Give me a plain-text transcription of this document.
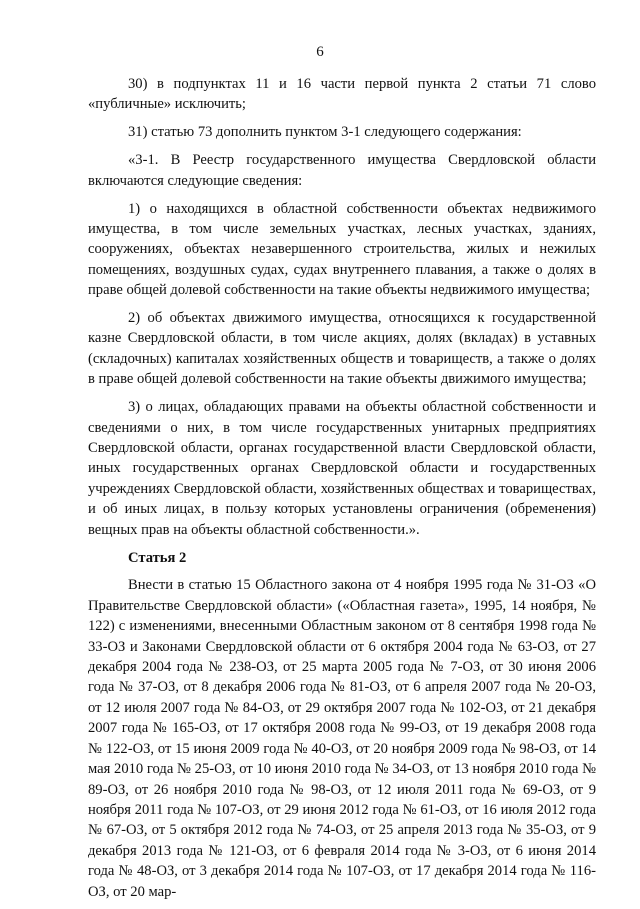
6

30) в подпунктах 11 и 16 части первой пункта 2 статьи 71 слово «публичные» исключить;

31) статью 73 дополнить пунктом 3-1 следующего содержания:

«3-1. В Реестр государственного имущества Свердловской области включаются следующие сведения:

1) о находящихся в областной собственности объектах недвижимого имущества, в том числе земельных участках, лесных участках, зданиях, сооружениях, объектах незавершенного строительства, жилых и нежилых помещениях, воздушных судах, судах внутреннего плавания, а также о долях в праве общей долевой собственности на такие объекты недвижимого имущества;

2) об объектах движимого имущества, относящихся к государственной казне Свердловской области, в том числе акциях, долях (вкладах) в уставных (складочных) капиталах хозяйственных обществ и товариществ, а также о долях в праве общей долевой собственности на такие объекты движимого имущества;

3) о лицах, обладающих правами на объекты областной собственности и сведениями о них, в том числе государственных унитарных предприятиях Свердловской области, органах государственной власти Свердловской области, иных государственных органах Свердловской области и государственных учреждениях Свердловской области, хозяйственных обществах и товариществах, и об иных лицах, в пользу которых установлены ограничения (обременения) вещных прав на объекты областной собственности.».

Статья 2

Внести в статью 15 Областного закона от 4 ноября 1995 года № 31-ОЗ «О Правительстве Свердловской области» («Областная газета», 1995, 14 ноября, № 122) с изменениями, внесенными Областным законом от 8 сентября 1998 года № 33-ОЗ и Законами Свердловской области от 6 октября 2004 года № 63-ОЗ, от 27 декабря 2004 года № 238-ОЗ, от 25 марта 2005 года № 7-ОЗ, от 30 июня 2006 года № 37-ОЗ, от 8 декабря 2006 года № 81-ОЗ, от 6 апреля 2007 года № 20-ОЗ, от 12 июля 2007 года № 84-ОЗ, от 29 октября 2007 года № 102-ОЗ, от 21 декабря 2007 года № 165-ОЗ, от 17 октября 2008 года № 99-ОЗ, от 19 декабря 2008 года № 122-ОЗ, от 15 июня 2009 года № 40-ОЗ, от 20 ноября 2009 года № 98-ОЗ, от 14 мая 2010 года № 25-ОЗ, от 10 июня 2010 года № 34-ОЗ, от 13 ноября 2010 года № 89-ОЗ, от 26 ноября 2010 года № 98-ОЗ, от 12 июля 2011 года № 69-ОЗ, от 9 ноября 2011 года № 107-ОЗ, от 29 июня 2012 года № 61-ОЗ, от 16 июля 2012 года № 67-ОЗ, от 5 октября 2012 года № 74-ОЗ, от 25 апреля 2013 года № 35-ОЗ, от 9 декабря 2013 года № 121-ОЗ, от 6 февраля 2014 года № 3-ОЗ, от 6 июня 2014 года № 48-ОЗ, от 3 декабря 2014 года № 107-ОЗ, от 17 декабря 2014 года № 116-ОЗ, от 20 мар-
